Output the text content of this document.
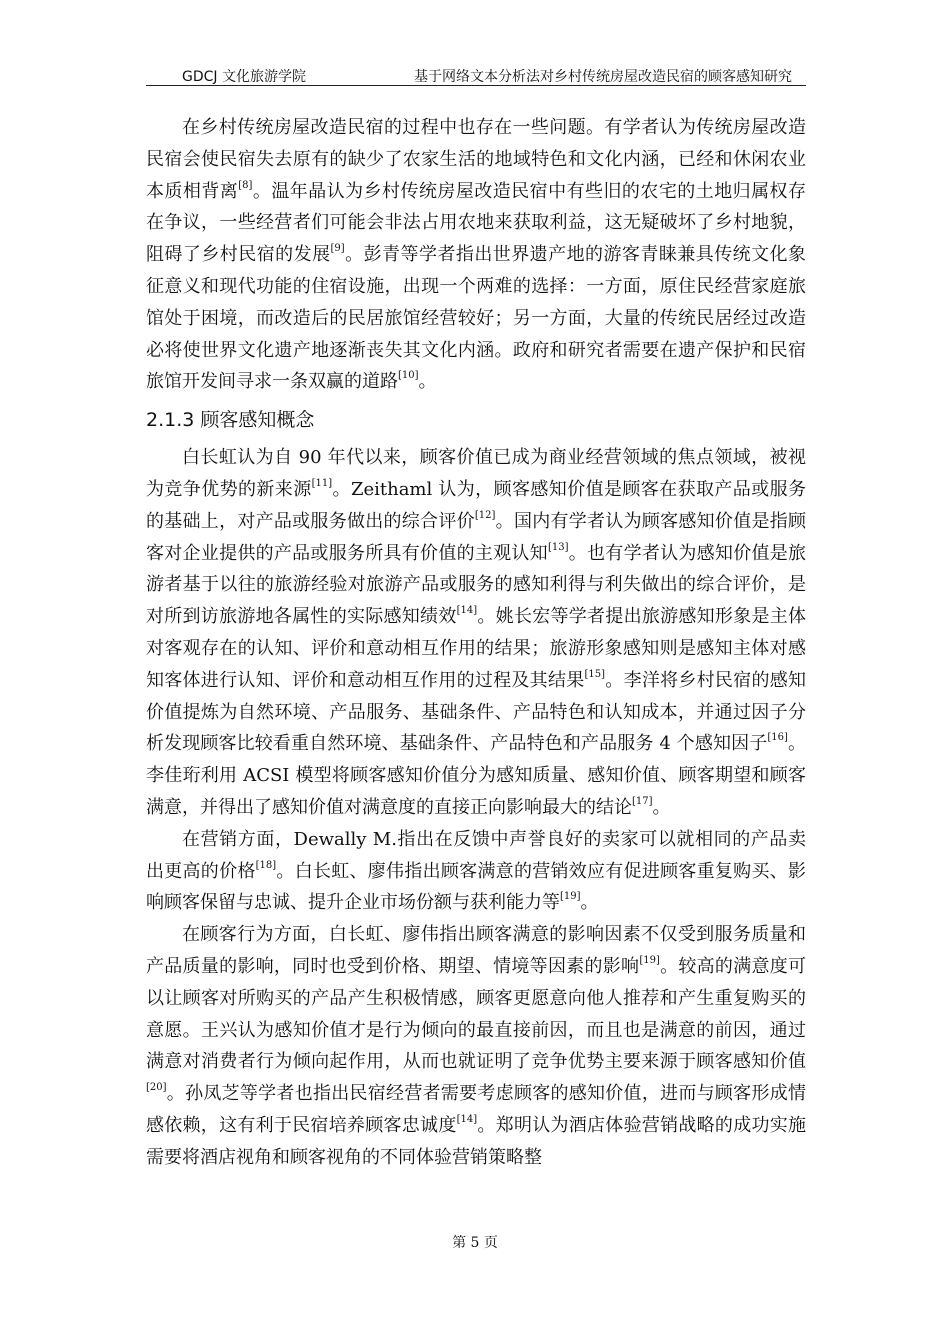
GDCJ 文化旅游学院	基于网络文本分析法对乡村传统房屋改造民宿的顾客感知研究

在乡村传统房屋改造民宿的过程中也存在一些问题。有学者认为传统房屋改造民宿会使民宿失去原有的缺少了农家生活的地域特色和文化内涵，已经和休闲农业本质相背离[8]。温年晶认为乡村传统房屋改造民宿中有些旧的农宅的土地归属权存在争议，一些经营者们可能会非法占用农地来获取利益，这无疑破坏了乡村地貌，阻碍了乡村民宿的发展[9]。彭青等学者指出世界遗产地的游客青睐兼具传统文化象征意义和现代功能的住宿设施，出现一个两难的选择：一方面，原住民经营家庭旅馆处于困境，而改造后的民居旅馆经营较好；另一方面，大量的传统民居经过改造必将使世界文化遗产地逐渐丧失其文化内涵。政府和研究者需要在遗产保护和民宿旅馆开发间寻求一条双赢的道路[10]。

2.1.3 顾客感知概念

白长虹认为自 90 年代以来，顾客价值已成为商业经营领域的焦点领域，被视为竞争优势的新来源[11]。Zeithaml 认为，顾客感知价值是顾客在获取产品或服务的基础上，对产品或服务做出的综合评价[12]。国内有学者认为顾客感知价值是指顾客对企业提供的产品或服务所具有价值的主观认知[13]。也有学者认为感知价值是旅游者基于以往的旅游经验对旅游产品或服务的感知利得与利失做出的综合评价，是对所到访旅游地各属性的实际感知绩效[14]。姚长宏等学者提出旅游感知形象是主体对客观存在的认知、评价和意动相互作用的结果；旅游形象感知则是感知主体对感知客体进行认知、评价和意动相互作用的过程及其结果[15]。李洋将乡村民宿的感知价值提炼为自然环境、产品服务、基础条件、产品特色和认知成本，并通过因子分析发现顾客比较看重自然环境、基础条件、产品特色和产品服务 4 个感知因子[16]。李佳珩利用 ACSI 模型将顾客感知价值分为感知质量、感知价值、顾客期望和顾客满意，并得出了感知价值对满意度的直接正向影响最大的结论[17]。

在营销方面，Dewally M.指出在反馈中声誉良好的卖家可以就相同的产品卖出更高的价格[18]。白长虹、廖伟指出顾客满意的营销效应有促进顾客重复购买、影响顾客保留与忠诚、提升企业市场份额与获利能力等[19]。

在顾客行为方面，白长虹、廖伟指出顾客满意的影响因素不仅受到服务质量和产品质量的影响，同时也受到价格、期望、情境等因素的影响[19]。较高的满意度可以让顾客对所购买的产品产生积极情感，顾客更愿意向他人推荐和产生重复购买的意愿。王兴认为感知价值才是行为倾向的最直接前因，而且也是满意的前因，通过满意对消费者行为倾向起作用，从而也就证明了竞争优势主要来源于顾客感知价值[20]。孙凤芝等学者也指出民宿经营者需要考虑顾客的感知价值，进而与顾客形成情感依赖，这有利于民宿培养顾客忠诚度[14]。郑明认为酒店体验营销战略的成功实施需要将酒店视角和顾客视角的不同体验营销策略整

第 5 页
